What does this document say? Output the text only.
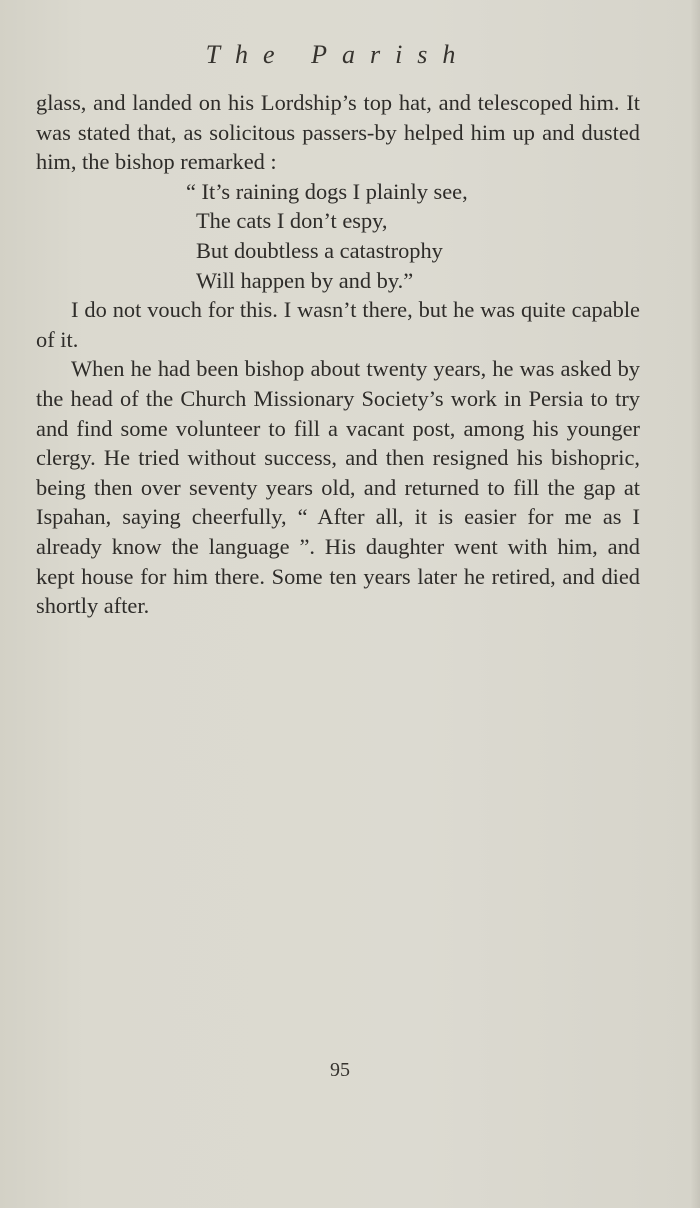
The Parish

glass, and landed on his Lordship’s top hat, and telescoped him. It was stated that, as solicitous passers-by helped him up and dusted him, the bishop remarked :

“ It’s raining dogs I plainly see,
The cats I don’t espy,
But doubtless a catastrophy
Will happen by and by.”

I do not vouch for this. I wasn’t there, but he was quite capable of it.

When he had been bishop about twenty years, he was asked by the head of the Church Missionary Society’s work in Persia to try and find some volunteer to fill a vacant post, among his younger clergy. He tried without success, and then resigned his bishopric, being then over seventy years old, and returned to fill the gap at Ispahan, saying cheerfully, “ After all, it is easier for me as I already know the language ”. His daughter went with him, and kept house for him there. Some ten years later he retired, and died shortly after.

95
